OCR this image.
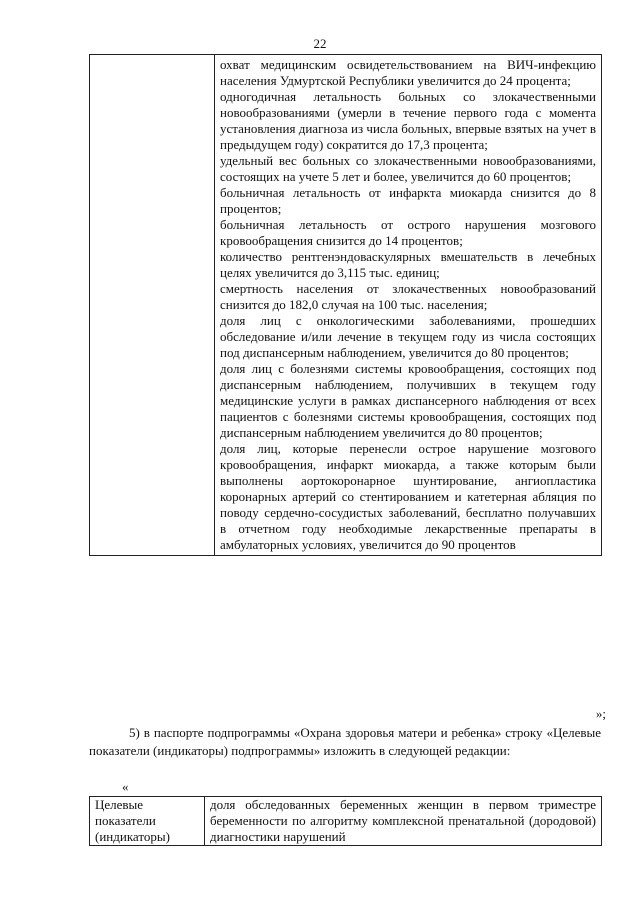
22

охват медицинским освидетельствованием на ВИЧ-инфекцию населения Удмуртской Республики увеличится до 24 процента;
одногодичная летальность больных со злокачественными новообразованиями (умерли в течение первого года с момента установления диагноза из числа больных, впервые взятых на учет в предыдущем году) сократится до 17,3 процента;
удельный вес больных со злокачественными новообразованиями, состоящих на учете 5 лет и более, увеличится до 60 процентов;
больничная летальность от инфаркта миокарда снизится до 8 процентов;
больничная летальность от острого нарушения мозгового кровообращения снизится до 14 процентов;
количество рентгенэндоваскулярных вмешательств в лечебных целях увеличится до 3,115 тыс. единиц;
смертность населения от злокачественных новообразований снизится до 182,0 случая на 100 тыс. населения;
доля лиц с онкологическими заболеваниями, прошедших обследование и/или лечение в текущем году из числа состоящих под диспансерным наблюдением, увеличится до 80 процентов;
доля лиц с болезнями системы кровообращения, состоящих под диспансерным наблюдением, получивших в текущем году медицинские услуги в рамках диспансерного наблюдения от всех пациентов с болезнями системы кровообращения, состоящих под диспансерным наблюдением увеличится до 80 процентов;
доля лиц, которые перенесли острое нарушение мозгового кровообращения, инфаркт миокарда, а также которым были выполнены аортокоронарное шунтирование, ангиопластика коронарных артерий со стентированием и катетерная абляция по поводу сердечно-сосудистых заболеваний, бесплатно получавших в отчетном году необходимые лекарственные препараты в амбулаторных условиях, увеличится до 90 процентов
»;
5) в паспорте подпрограммы «Охрана здоровья матери и ребенка» строку «Целевые показатели (индикаторы) подпрограммы» изложить в следующей редакции:
«
Целевые показатели (индикаторы)

доля обследованных беременных женщин в первом триместре беременности по алгоритму комплексной пренатальной (дородовой) диагностики нарушений
